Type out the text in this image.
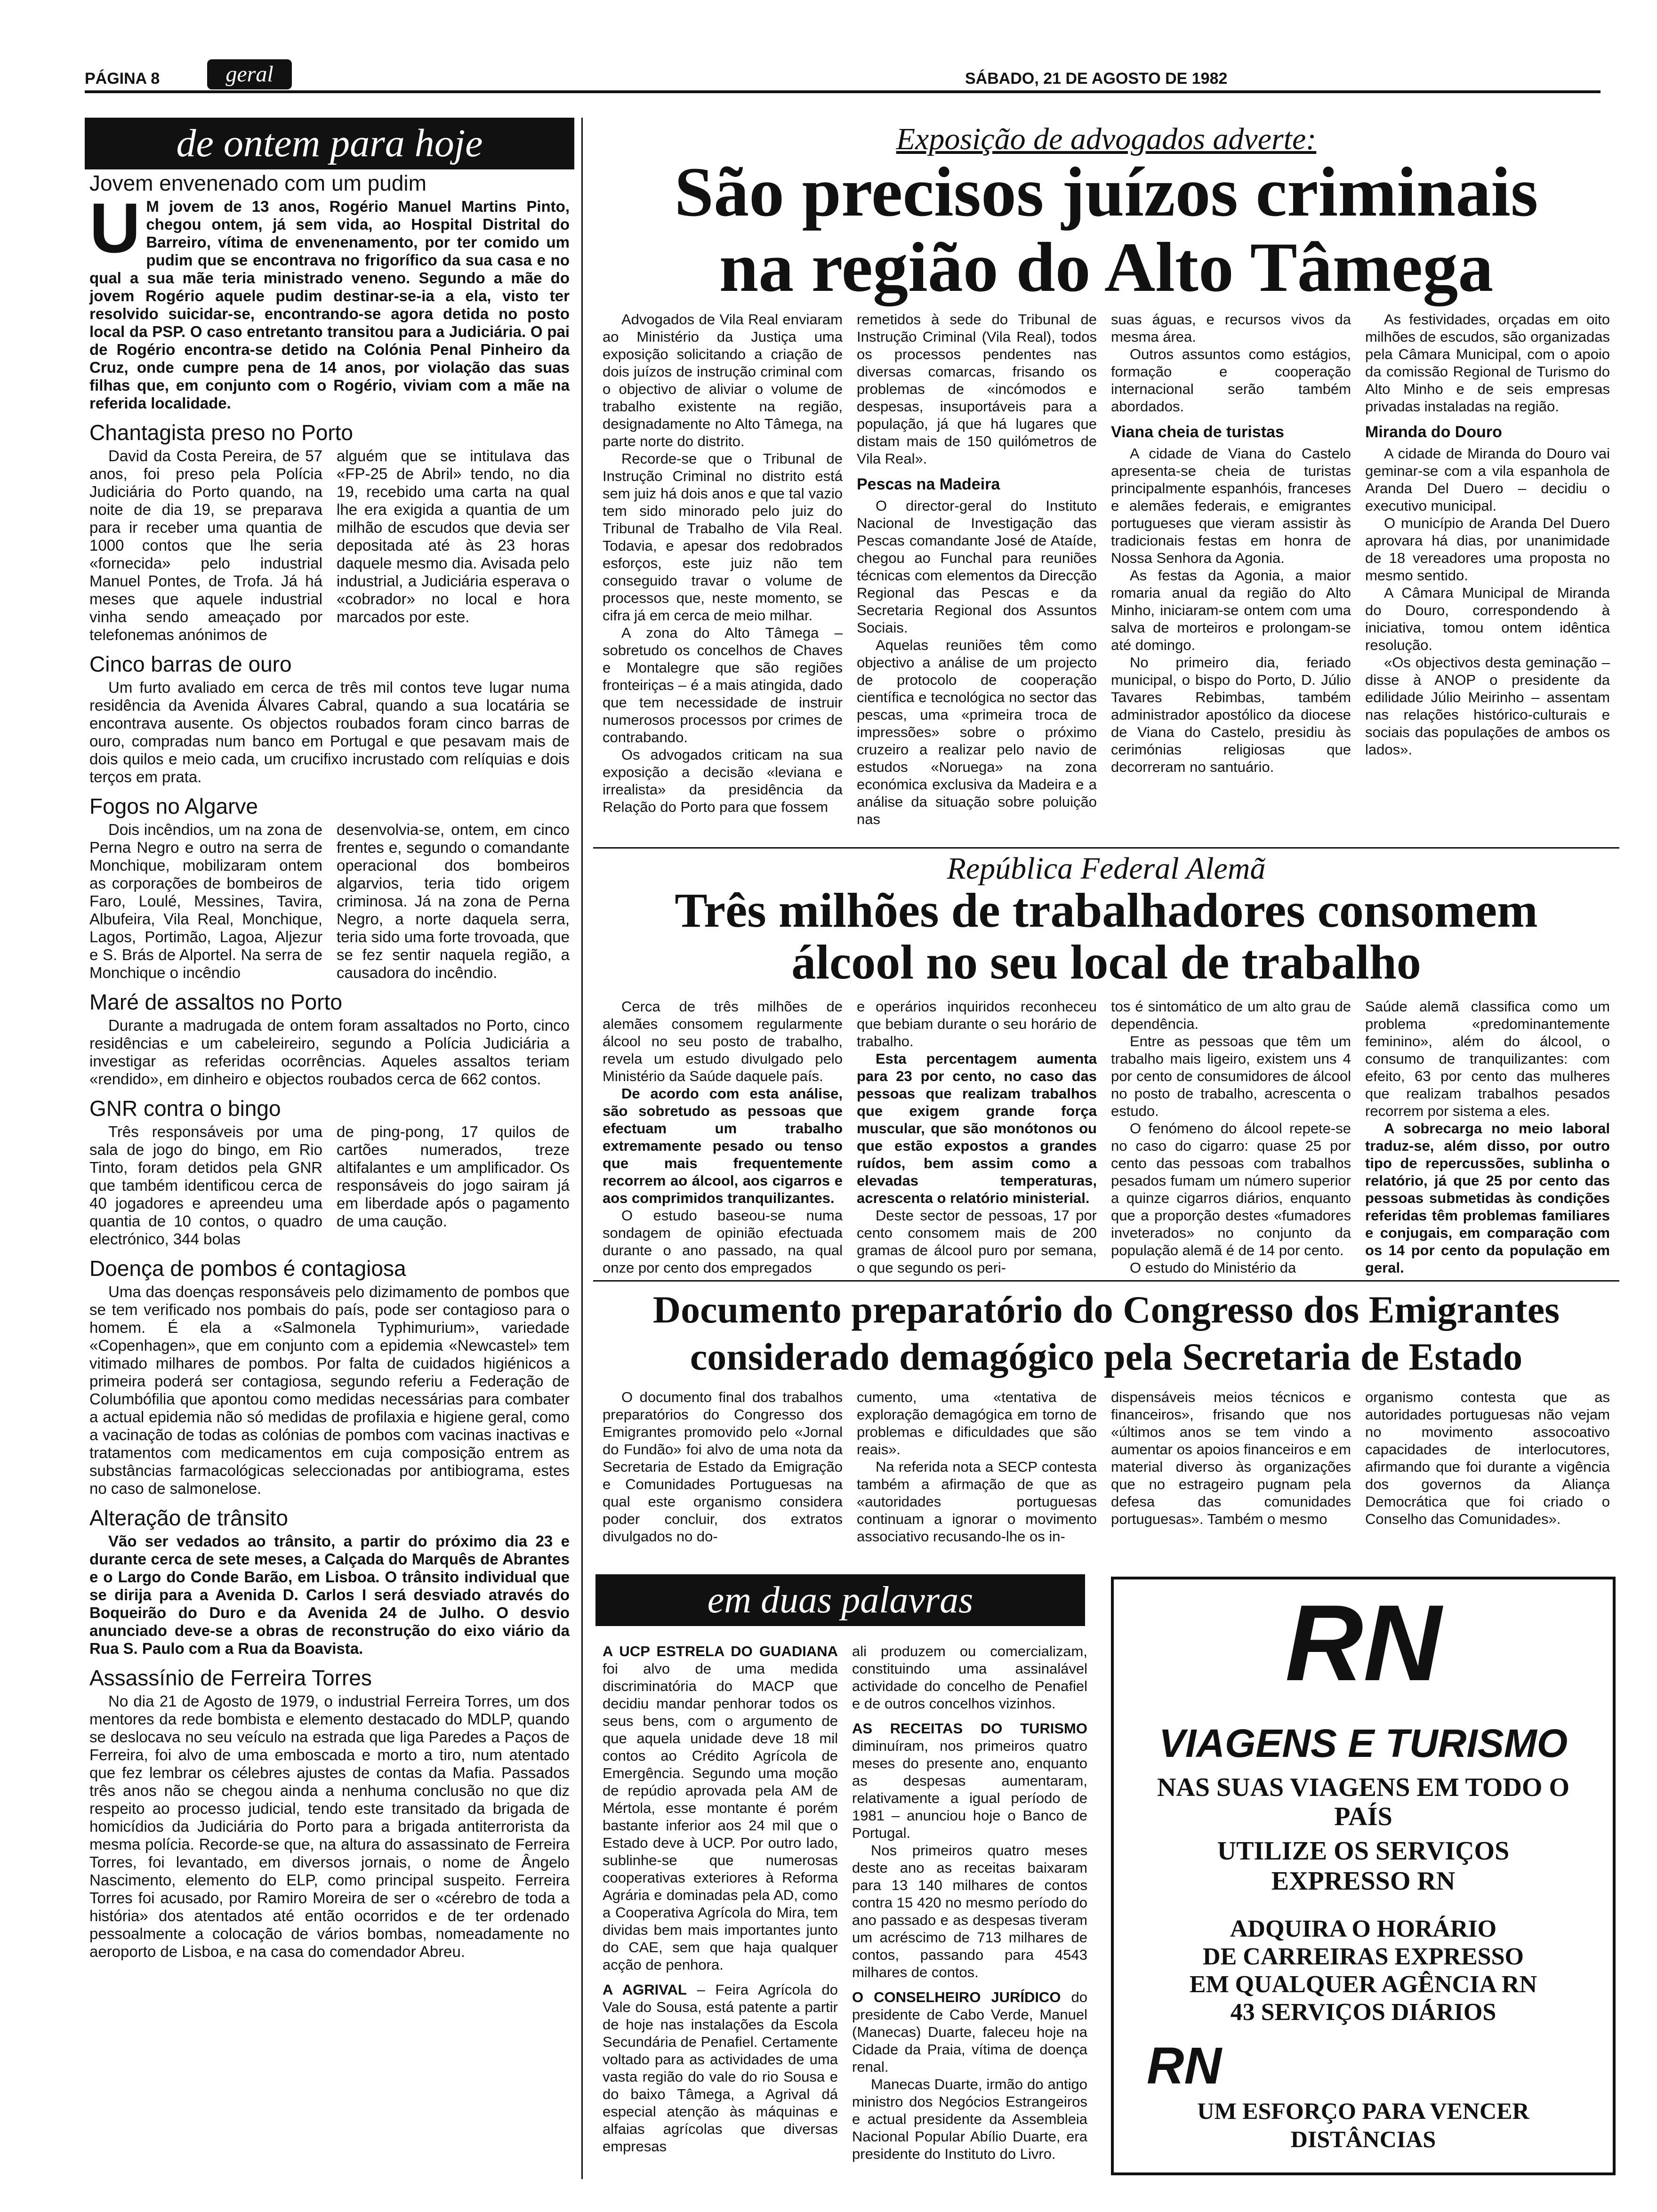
PÁGINA 8	geral	SÁBADO, 21 DE AGOSTO DE 1982
de ontem para hoje
Jovem envenenado com um pudim
U M jovem de 13 anos, Rogério Manuel Martins Pinto, chegou ontem, já sem vida, ao Hospital Distrital do Barreiro, vítima de envenenamento, por ter comido um pudim que se encontrava no frigorífico da sua casa e no qual a sua mãe teria ministrado veneno. Segundo a mãe do jovem Rogério aquele pudim destinar-se-ia a ela, visto ter resolvido suicidar-se, encontrando-se agora detida no posto local da PSP. O caso entretanto transitou para a Judiciária. O pai de Rogério encontra-se detido na Colónia Penal Pinheiro da Cruz, onde cumpre pena de 14 anos, por violação das suas filhas que, em conjunto com o Rogério, viviam com a mãe na referida localidade.
Chantagista preso no Porto

David da Costa Pereira, de 57 anos, foi preso pela Polícia Judiciária do Porto quando, na noite de dia 19, se preparava para ir receber uma quantia de 1000 contos que lhe seria «fornecida» pelo industrial Manuel Pontes, de Trofa. Já há meses que aquele industrial vinha sendo ameaçado por telefonemas anónimos de

alguém que se intitulava das «FP-25 de Abril» tendo, no dia 19, recebido uma carta na qual lhe era exigida a quantia de um milhão de escudos que devia ser depositada até às 23 horas daquele mesmo dia. Avisada pelo industrial, a Judiciária esperava o «cobrador» no local e hora marcados por este.

Cinco barras de ouro

Um furto avaliado em cerca de três mil contos teve lugar numa residência da Avenida Álvares Cabral, quando a sua locatária se encontrava ausente. Os objectos roubados foram cinco barras de ouro, compradas num banco em Portugal e que pesavam mais de dois quilos e meio cada, um crucifixo incrustado com relíquias e dois terços em prata.

Fogos no Algarve

Dois incêndios, um na zona de Perna Negro e outro na serra de Monchique, mobilizaram ontem as corporações de bombeiros de Faro, Loulé, Messines, Tavira, Albufeira, Vila Real, Monchique, Lagos, Portimão, Lagoa, Aljezur e S. Brás de Alportel. Na serra de Monchique o incêndio

desenvolvia-se, ontem, em cinco frentes e, segundo o comandante operacional dos bombeiros algarvios, teria tido origem criminosa. Já na zona de Perna Negro, a norte daquela serra, teria sido uma forte trovoada, que se fez sentir naquela região, a causadora do incêndio.

Maré de assaltos no Porto

Durante a madrugada de ontem foram assaltados no Porto, cinco residências e um cabeleireiro, segundo a Polícia Judiciária a investigar as referidas ocorrências. Aqueles assaltos teriam «rendido», em dinheiro e objectos roubados cerca de 662 contos.

GNR contra o bingo

Três responsáveis por uma sala de jogo do bingo, em Rio Tinto, foram detidos pela GNR que também identificou cerca de 40 jogadores e apreendeu uma quantia de 10 contos, o quadro electrónico, 344 bolas

de ping-pong, 17 quilos de cartões numerados, treze altifalantes e um amplificador. Os responsáveis do jogo sairam já em liberdade após o pagamento de uma caução.

Doença de pombos é contagiosa

Uma das doenças responsáveis pelo dizimamento de pombos que se tem verificado nos pombais do país, pode ser contagioso para o homem. É ela a «Salmonela Typhimurium», variedade «Copenhagen», que em conjunto com a epidemia «Newcastel» tem vitimado milhares de pombos. Por falta de cuidados higiénicos a primeira poderá ser contagiosa, segundo referiu a Federação de Columbófilia que apontou como medidas necessárias para combater a actual epidemia não só medidas de profilaxia e higiene geral, como a vacinação de todas as colónias de pombos com vacinas inactivas e tratamentos com medicamentos em cuja composição entrem as substâncias farmacológicas seleccionadas por antibiograma, estes no caso de salmonelose.

Alteração de trânsito

Vão ser vedados ao trânsito, a partir do próximo dia 23 e durante cerca de sete meses, a Calçada do Marquês de Abrantes e o Largo do Conde Barão, em Lisboa. O trânsito individual que se dirija para a Avenida D. Carlos I será desviado através do Boqueirão do Duro e da Avenida 24 de Julho. O desvio anunciado deve-se a obras de reconstrução do eixo viário da Rua S. Paulo com a Rua da Boavista.

Assassínio de Ferreira Torres

No dia 21 de Agosto de 1979, o industrial Ferreira Torres, um dos mentores da rede bombista e elemento destacado do MDLP, quando se deslocava no seu veículo na estrada que liga Paredes a Paços de Ferreira, foi alvo de uma emboscada e morto a tiro, num atentado que fez lembrar os célebres ajustes de contas da Mafia. Passados três anos não se chegou ainda a nenhuma conclusão no que diz respeito ao processo judicial, tendo este transitado da brigada de homicídios da Judiciária do Porto para a brigada antiterrorista da mesma polícia. Recorde-se que, na altura do assassinato de Ferreira Torres, foi levantado, em diversos jornais, o nome de Ângelo Nascimento, elemento do ELP, como principal suspeito. Ferreira Torres foi acusado, por Ramiro Moreira de ser o «cérebro de toda a história» dos atentados até então ocorridos e de ter ordenado pessoalmente a colocação de vários bombas, nomeadamente no aeroporto de Lisboa, e na casa do comendador Abreu.

Exposição de advogados adverte:
São precisos juízos criminais
na região do Alto Tâmega

Advogados de Vila Real enviaram ao Ministério da Justiça uma exposição solicitando a criação de dois juízos de instrução criminal com o objectivo de aliviar o volume de trabalho existente na região, designadamente no Alto Tâmega, na parte norte do distrito.

Recorde-se que o Tribunal de Instrução Criminal no distrito está sem juiz há dois anos e que tal vazio tem sido minorado pelo juiz do Tribunal de Trabalho de Vila Real. Todavia, e apesar dos redobrados esforços, este juiz não tem conseguido travar o volume de processos que, neste momento, se cifra já em cerca de meio milhar.

A zona do Alto Tâmega – sobretudo os concelhos de Chaves e Montalegre que são regiões fronteiriças – é a mais atingida, dado que tem necessidade de instruir numerosos processos por crimes de contrabando.

Os advogados criticam na sua exposição a decisão «leviana e irrealista» da presidência da Relação do Porto para que fossem

remetidos à sede do Tribunal de Instrução Criminal (Vila Real), todos os processos pendentes nas diversas comarcas, frisando os problemas de «incómodos e despesas, insuportáveis para a população, já que há lugares que distam mais de 150 quilómetros de Vila Real».

Pescas na Madeira

O director-geral do Instituto Nacional de Investigação das Pescas comandante José de Ataíde, chegou ao Funchal para reuniões técnicas com elementos da Direcção Regional das Pescas e da Secretaria Regional dos Assuntos Sociais.

Aquelas reuniões têm como objectivo a análise de um projecto de protocolo de cooperação científica e tecnológica no sector das pescas, uma «primeira troca de impressões» sobre o próximo cruzeiro a realizar pelo navio de estudos «Noruega» na zona económica exclusiva da Madeira e a análise da situação sobre poluição nas

suas águas, e recursos vivos da mesma área.

Outros assuntos como estágios, formação e cooperação internacional serão também abordados.

Viana cheia de turistas

A cidade de Viana do Castelo apresenta-se cheia de turistas principalmente espanhóis, franceses e alemães federais, e emigrantes portugueses que vieram assistir às tradicionais festas em honra de Nossa Senhora da Agonia.

As festas da Agonia, a maior romaria anual da região do Alto Minho, iniciaram-se ontem com uma salva de morteiros e prolongam-se até domingo.

No primeiro dia, feriado municipal, o bispo do Porto, D. Júlio Tavares Rebimbas, também administrador apostólico da diocese de Viana do Castelo, presidiu às cerimónias religiosas que decorreram no santuário.

As festividades, orçadas em oito milhões de escudos, são organizadas pela Câmara Municipal, com o apoio da comissão Regional de Turismo do Alto Minho e de seis empresas privadas instaladas na região.

Miranda do Douro

A cidade de Miranda do Douro vai geminar-se com a vila espanhola de Aranda Del Duero – decidiu o executivo municipal.

O município de Aranda Del Duero aprovara há dias, por unanimidade de 18 vereadores uma proposta no mesmo sentido.

A Câmara Municipal de Miranda do Douro, correspondendo à iniciativa, tomou ontem idêntica resolução.

«Os objectivos desta geminação – disse à ANOP o presidente da edilidade Júlio Meirinho – assentam nas relações histórico-culturais e sociais das populações de ambos os lados».

República Federal Alemã
Três milhões de trabalhadores consomem
álcool no seu local de trabalho

Cerca de três milhões de alemães consomem regularmente álcool no seu posto de trabalho, revela um estudo divulgado pelo Ministério da Saúde daquele país.

De acordo com esta análise, são sobretudo as pessoas que efectuam um trabalho extremamente pesado ou tenso que mais frequentemente recorrem ao álcool, aos cigarros e aos comprimidos tranquilizantes.

O estudo baseou-se numa sondagem de opinião efectuada durante o ano passado, na qual onze por cento dos empregados

e operários inquiridos reconheceu que bebiam durante o seu horário de trabalho.

Esta percentagem aumenta para 23 por cento, no caso das pessoas que realizam trabalhos que exigem grande força muscular, que são monótonos ou que estão expostos a grandes ruídos, bem assim como a elevadas temperaturas, acrescenta o relatório ministerial.

Deste sector de pessoas, 17 por cento consomem mais de 200 gramas de álcool puro por semana, o que segundo os peri-

tos é sintomático de um alto grau de dependência.

Entre as pessoas que têm um trabalho mais ligeiro, existem uns 4 por cento de consumidores de álcool no posto de trabalho, acrescenta o estudo.

O fenómeno do álcool repete-se no caso do cigarro: quase 25 por cento das pessoas com trabalhos pesados fumam um número superior a quinze cigarros diários, enquanto que a proporção destes «fumadores inveterados» no conjunto da população alemã é de 14 por cento.

O estudo do Ministério da

Saúde alemã classifica como um problema «predominantemente feminino», além do álcool, o consumo de tranquilizantes: com efeito, 63 por cento das mulheres que realizam trabalhos pesados recorrem por sistema a eles.

A sobrecarga no meio laboral traduz-se, além disso, por outro tipo de repercussões, sublinha o relatório, já que 25 por cento das pessoas submetidas às condições referidas têm problemas familiares e conjugais, em comparação com os 14 por cento da população em geral.

Documento preparatório do Congresso dos Emigrantes
considerado demagógico pela Secretaria de Estado

O documento final dos trabalhos preparatórios do Congresso dos Emigrantes promovido pelo «Jornal do Fundão» foi alvo de uma nota da Secretaria de Estado da Emigração e Comunidades Portuguesas na qual este organismo considera poder concluir, dos extratos divulgados no do-

cumento, uma «tentativa de exploração demagógica em torno de problemas e dificuldades que são reais».

Na referida nota a SECP contesta também a afirmação de que as «autoridades portuguesas continuam a ignorar o movimento associativo recusando-lhe os in-

dispensáveis meios técnicos e financeiros», frisando que nos «últimos anos se tem vindo a aumentar os apoios financeiros e em material diverso às organizações que no estrageiro pugnam pela defesa das comunidades portuguesas». Também o mesmo

organismo contesta que as autoridades portuguesas não vejam no movimento assocoativo capacidades de interlocutores, afirmando que foi durante a vigência dos governos da Aliança Democrática que foi criado o Conselho das Comunidades».

em duas palavras

A UCP ESTRELA DO GUADIANA foi alvo de uma medida discriminatória do MACP que decidiu mandar penhorar todos os seus bens, com o argumento de que aquela unidade deve 18 mil contos ao Crédito Agrícola de Emergência. Segundo uma moção de repúdio aprovada pela AM de Mértola, esse montante é porém bastante inferior aos 24 mil que o Estado deve à UCP. Por outro lado, sublinhe-se que numerosas cooperativas exteriores à Reforma Agrária e dominadas pela AD, como a Cooperativa Agrícola do Mira, tem dividas bem mais importantes junto do CAE, sem que haja qualquer acção de penhora.

A AGRIVAL – Feira Agrícola do Vale do Sousa, está patente a partir de hoje nas instalações da Escola Secundária de Penafiel. Certamente voltado para as actividades de uma vasta região do vale do rio Sousa e do baixo Tâmega, a Agrival dá especial atenção às máquinas e alfaias agrícolas que diversas empresas

ali produzem ou comercializam, constituindo uma assinalável actividade do concelho de Penafiel e de outros concelhos vizinhos.

AS RECEITAS DO TURISMO diminuíram, nos primeiros quatro meses do presente ano, enquanto as despesas aumentaram, relativamente a igual período de 1981 – anunciou hoje o Banco de Portugal.

Nos primeiros quatro meses deste ano as receitas baixaram para 13 140 milhares de contos contra 15 420 no mesmo período do ano passado e as despesas tiveram um acréscimo de 713 milhares de contos, passando para 4543 milhares de contos.

O CONSELHEIRO JURÍDICO do presidente de Cabo Verde, Manuel (Manecas) Duarte, faleceu hoje na Cidade da Praia, vítima de doença renal.

Manecas Duarte, irmão do antigo ministro dos Negócios Estrangeiros e actual presidente da Assembleia Nacional Popular Abílio Duarte, era presidente do Instituto do Livro.

RN
VIAGENS E TURISMO
NAS SUAS VIAGENS EM TODO O PAÍS
UTILIZE OS SERVIÇOS
EXPRESSO RN
ADQUIRA O HORÁRIO
DE CARREIRAS EXPRESSO
EM QUALQUER AGÊNCIA RN
43 SERVIÇOS DIÁRIOS
RN
UM ESFORÇO PARA VENCER DISTÂNCIAS
